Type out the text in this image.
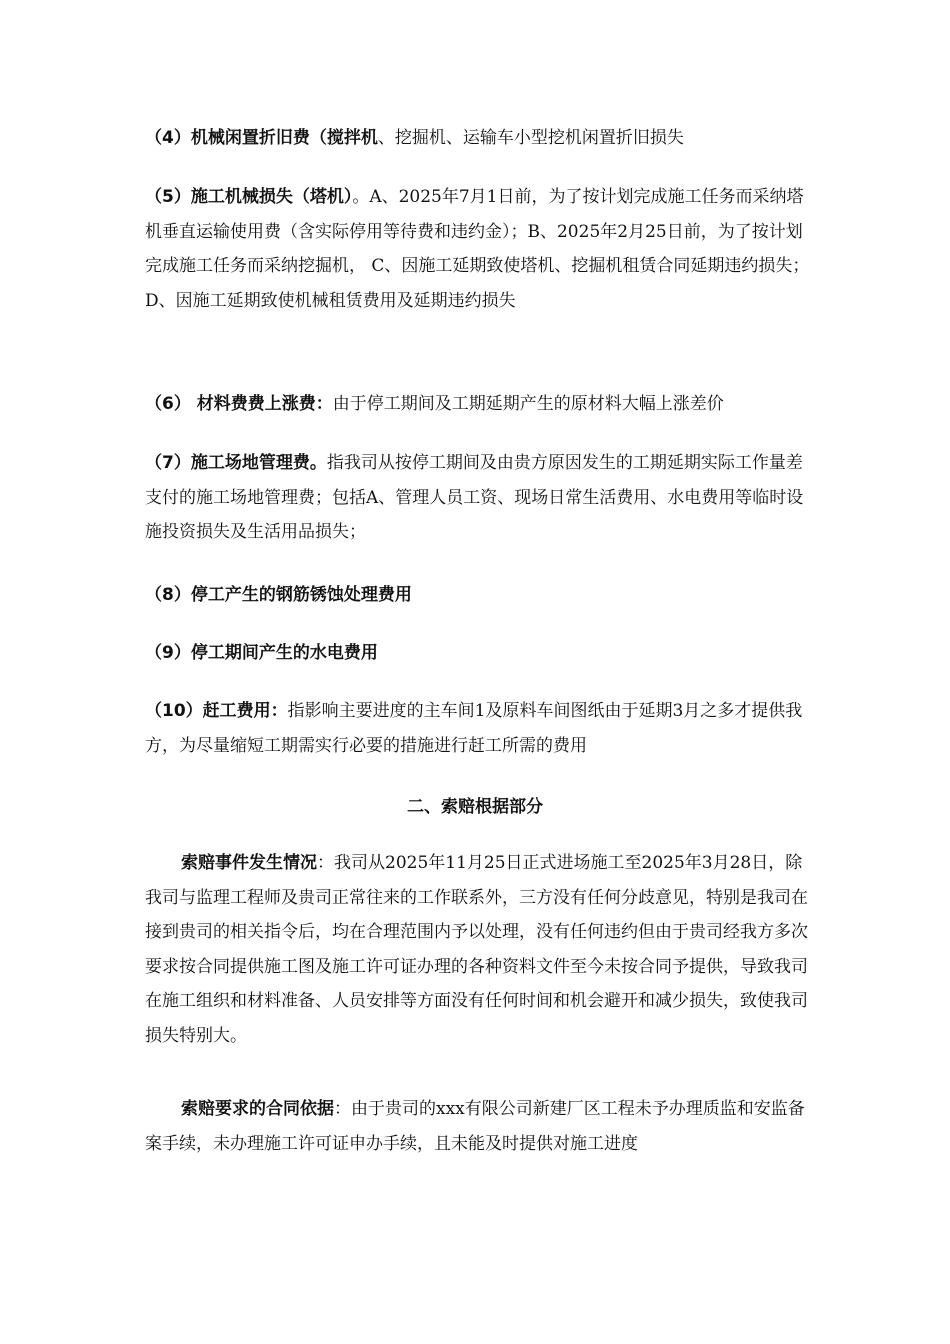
（4）机械闲置折旧费（搅拌机、挖掘机、运输车小型挖机闲置折旧损失

（5）施工机械损失（塔机）。A、2025年7月1日前，为了按计划完成施工任务而采纳塔机垂直运输使用费（含实际停用等待费和违约金）；B、2025年2月25日前，为了按计划完成施工任务而采纳挖掘机， C、因施工延期致使塔机、挖掘机租赁合同延期违约损失；D、因施工延期致使机械租赁费用及延期违约损失

（6） 材料费费上涨费：由于停工期间及工期延期产生的原材料大幅上涨差价

（7）施工场地管理费。指我司从按停工期间及由贵方原因发生的工期延期实际工作量差支付的施工场地管理费；包括A、管理人员工资、现场日常生活费用、水电费用等临时设施投资损失及生活用品损失；

（8）停工产生的钢筋锈蚀处理费用

（9）停工期间产生的水电费用

（10）赶工费用：指影响主要进度的主车间1及原料车间图纸由于延期3月之多才提供我方，为尽量缩短工期需实行必要的措施进行赶工所需的费用

二、索赔根据部分

索赔事件发生情况：我司从2025年11月25日正式进场施工至2025年3月28日，除我司与监理工程师及贵司正常往来的工作联系外，三方没有任何分歧意见，特别是我司在接到贵司的相关指令后，均在合理范围内予以处理，没有任何违约但由于贵司经我方多次要求按合同提供施工图及施工许可证办理的各种资料文件至今未按合同予提供，导致我司在施工组织和材料准备、人员安排等方面没有任何时间和机会避开和减少损失，致使我司损失特别大。

索赔要求的合同依据：由于贵司的xxx有限公司新建厂区工程未予办理质监和安监备案手续，未办理施工许可证申办手续，且未能及时提供对施工进度
